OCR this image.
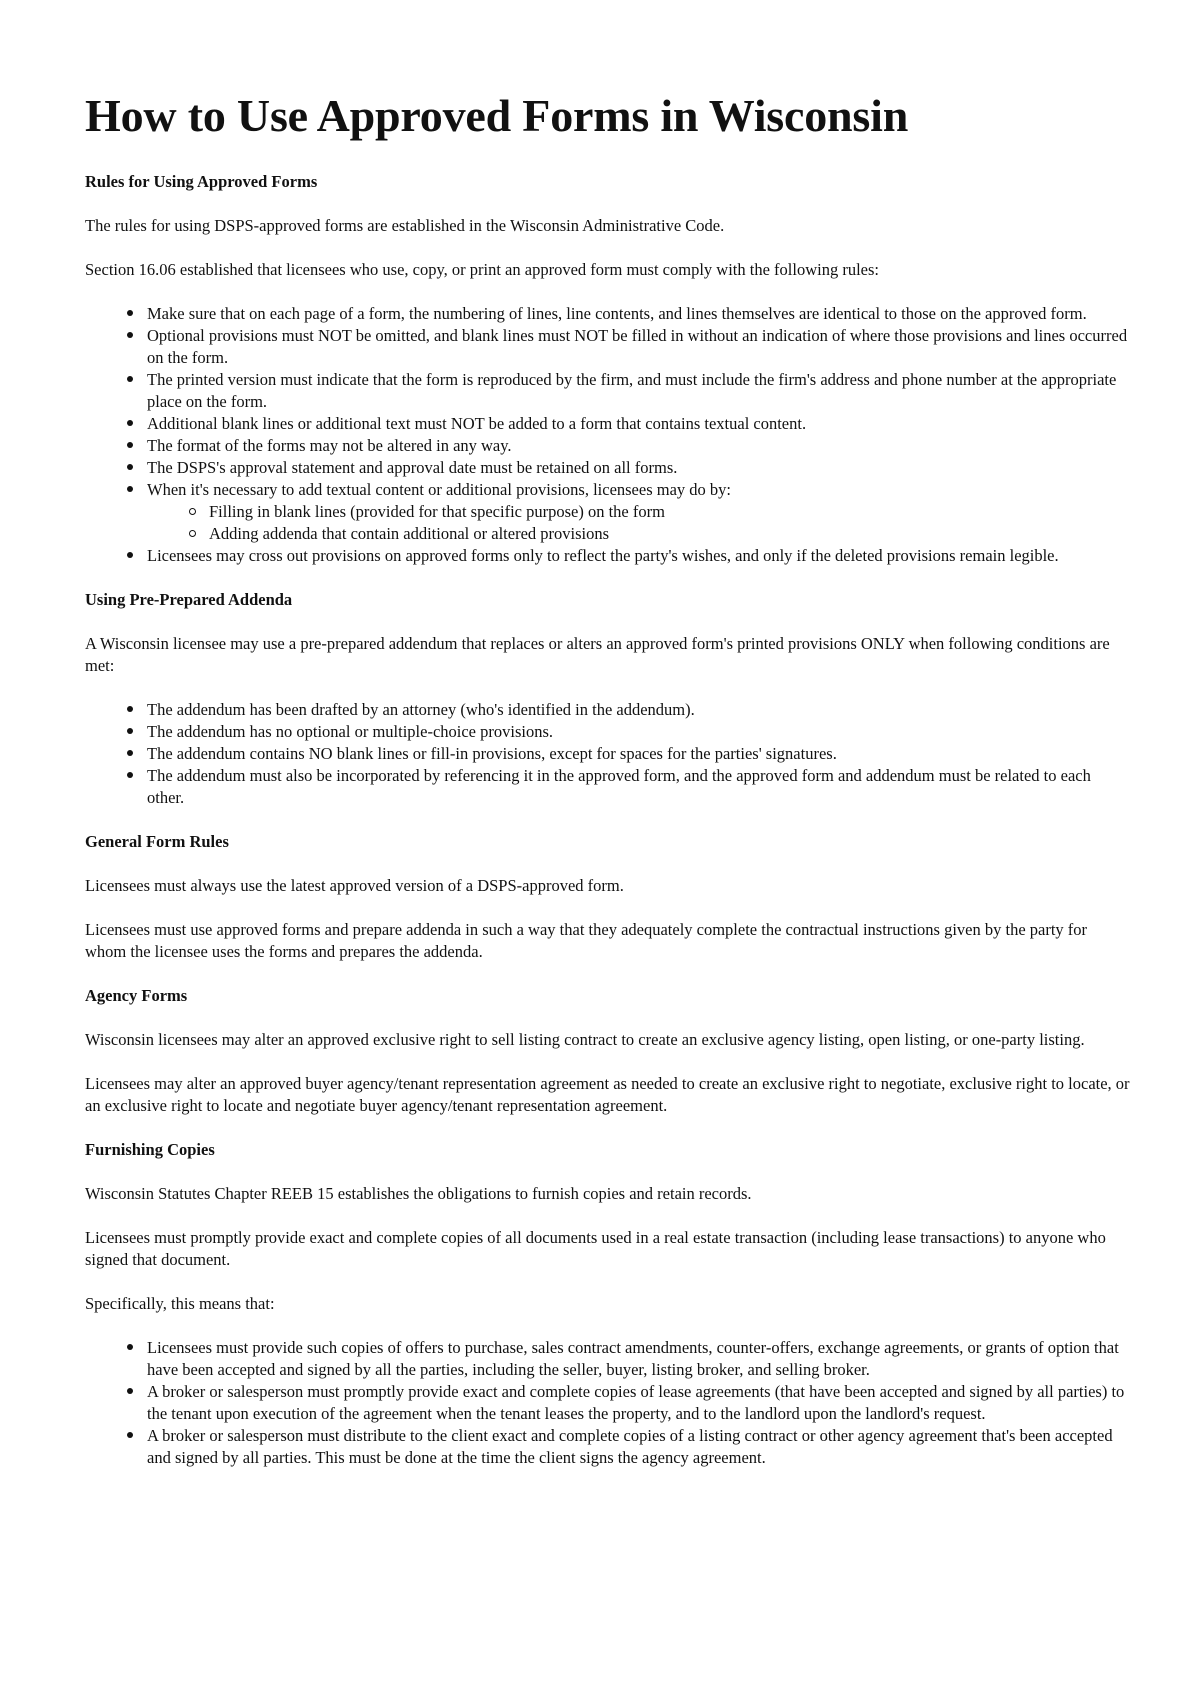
How to Use Approved Forms in Wisconsin
Rules for Using Approved Forms

The rules for using DSPS-approved forms are established in the Wisconsin Administrative Code.

Section 16.06 established that licensees who use, copy, or print an approved form must comply with the following rules:

Make sure that on each page of a form, the numbering of lines, line contents, and lines themselves are identical to those on the approved form.
Optional provisions must NOT be omitted, and blank lines must NOT be filled in without an indication of where those provisions and lines occurred on the form.
The printed version must indicate that the form is reproduced by the firm, and must include the firm's address and phone number at the appropriate place on the form.
Additional blank lines or additional text must NOT be added to a form that contains textual content.
The format of the forms may not be altered in any way.
The DSPS's approval statement and approval date must be retained on all forms.
When it's necessary to add textual content or additional provisions, licensees may do by:
Filling in blank lines (provided for that specific purpose) on the form
Adding addenda that contain additional or altered provisions
Licensees may cross out provisions on approved forms only to reflect the party's wishes, and only if the deleted provisions remain legible.
Using Pre-Prepared Addenda

A Wisconsin licensee may use a pre-prepared addendum that replaces or alters an approved form's printed provisions ONLY when following conditions are met:

The addendum has been drafted by an attorney (who's identified in the addendum).
The addendum has no optional or multiple-choice provisions.
The addendum contains NO blank lines or fill-in provisions, except for spaces for the parties' signatures.
The addendum must also be incorporated by referencing it in the approved form, and the approved form and addendum must be related to each other.
General Form Rules

Licensees must always use the latest approved version of a DSPS-approved form.

Licensees must use approved forms and prepare addenda in such a way that they adequately complete the contractual instructions given by the party for whom the licensee uses the forms and prepares the addenda.

Agency Forms

Wisconsin licensees may alter an approved exclusive right to sell listing contract to create an exclusive agency listing, open listing, or one-party listing.

Licensees may alter an approved buyer agency/tenant representation agreement as needed to create an exclusive right to negotiate, exclusive right to locate, or an exclusive right to locate and negotiate buyer agency/tenant representation agreement.

Furnishing Copies

Wisconsin Statutes Chapter REEB 15 establishes the obligations to furnish copies and retain records.

Licensees must promptly provide exact and complete copies of all documents used in a real estate transaction (including lease transactions) to anyone who signed that document.

Specifically, this means that:

Licensees must provide such copies of offers to purchase, sales contract amendments, counter-offers, exchange agreements, or grants of option that have been accepted and signed by all the parties, including the seller, buyer, listing broker, and selling broker.
A broker or salesperson must promptly provide exact and complete copies of lease agreements (that have been accepted and signed by all parties) to the tenant upon execution of the agreement when the tenant leases the property, and to the landlord upon the landlord's request.
A broker or salesperson must distribute to the client exact and complete copies of a listing contract or other agency agreement that's been accepted and signed by all parties. This must be done at the time the client signs the agency agreement.
